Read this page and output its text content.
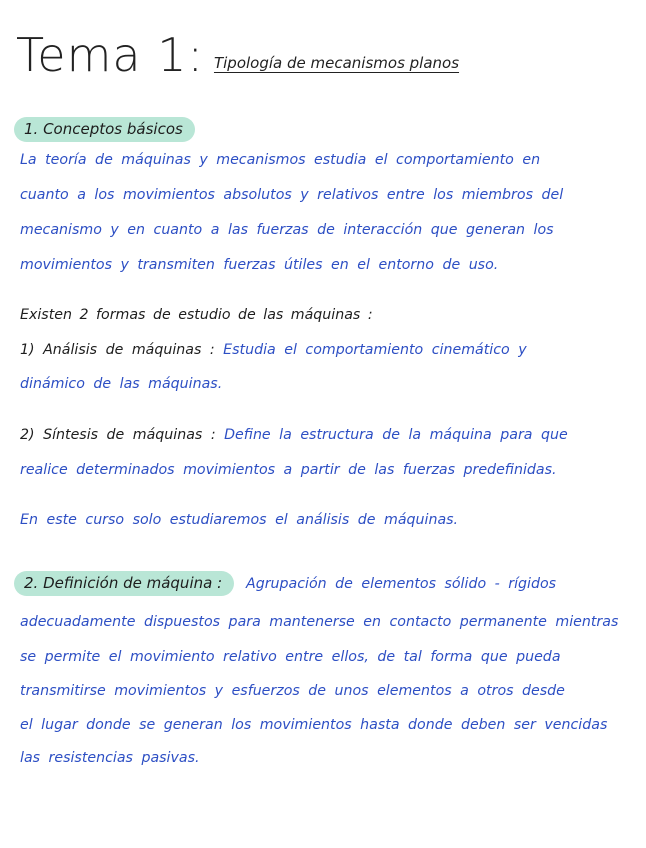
Tema 1: Tipología de mecanismos planos
1. Conceptos básicos
La teoría de máquinas y mecanismos estudia el comportamiento en
cuanto a los movimientos absolutos y relativos entre los miembros del
mecanismo y en cuanto a las fuerzas de interacción que generan los
movimientos y transmiten fuerzas útiles en el entorno de uso.
Existen 2 formas de estudio de las máquinas :
1) Análisis de máquinas : Estudia el comportamiento cinemático y
dinámico de las máquinas.
2) Síntesis de máquinas : Define la estructura de la máquina para que
realice determinados movimientos a partir de las fuerzas predefinidas.
En este curso solo estudiaremos el análisis de máquinas.
2. Definición de máquina :	Agrupación de elementos sólido - rígidos
adecuadamente dispuestos para mantenerse en contacto permanente mientras
se permite el movimiento relativo entre ellos, de tal forma que pueda
transmitirse movimientos y esfuerzos de unos elementos a otros desde
el lugar donde se generan los movimientos hasta donde deben ser vencidas
las resistencias pasivas.
